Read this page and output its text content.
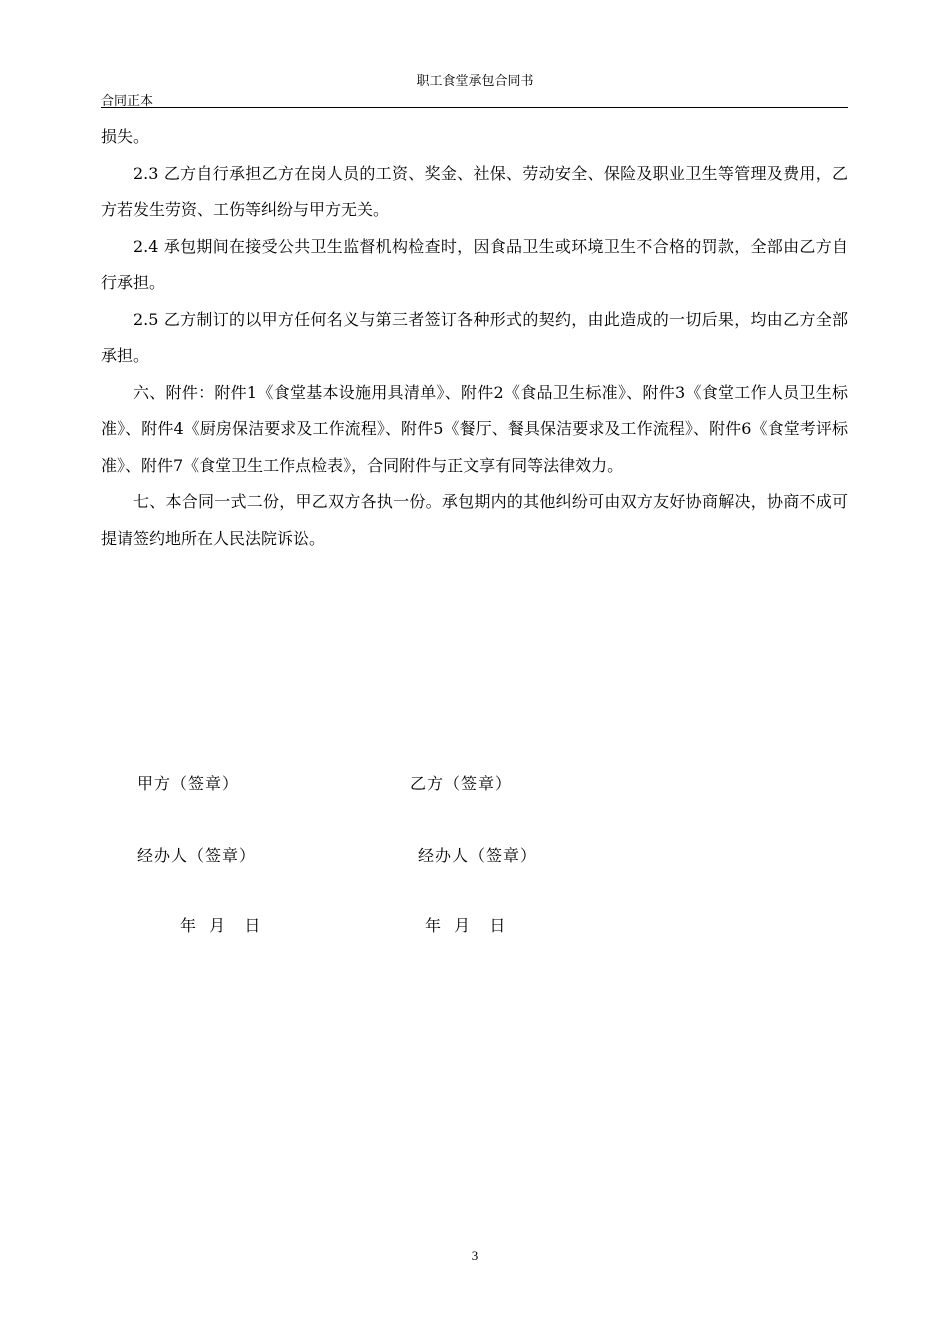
职工食堂承包合同书
合同正本

损失。

2.3 乙方自行承担乙方在岗人员的工资、奖金、社保、劳动安全、保险及职业卫生等管理及费用，乙方若发生劳资、工伤等纠纷与甲方无关。

2.4 承包期间在接受公共卫生监督机构检查时，因食品卫生或环境卫生不合格的罚款，全部由乙方自行承担。

2.5 乙方制订的以甲方任何名义与第三者签订各种形式的契约，由此造成的一切后果，均由乙方全部承担。

六、附件：附件1《食堂基本设施用具清单》、附件2《食品卫生标准》、附件3《食堂工作人员卫生标准》、附件4《厨房保洁要求及工作流程》、附件5《餐厅、餐具保洁要求及工作流程》、附件6《食堂考评标准》、附件7《食堂卫生工作点检表》，合同附件与正文享有同等法律效力。

七、本合同一式二份，甲乙双方各执一份。承包期内的其他纠纷可由双方友好协商解决，协商不成可提请签约地所在人民法院诉讼。

甲方（签章）	乙方（签章）
经办人（签章）	经办人（签章）
年  月   日	年  月   日
3
